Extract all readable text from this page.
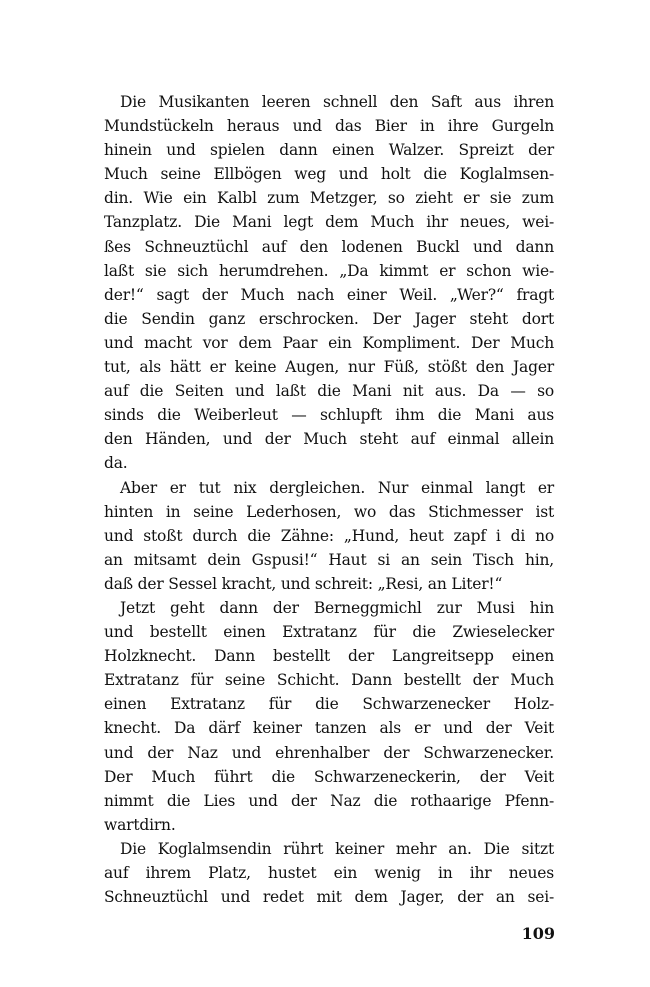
Die Musikanten leeren schnell den Saft aus ihren
Mundstückeln heraus und das Bier in ihre Gurgeln
hinein und spielen dann einen Walzer. Spreizt der
Much seine Ellbögen weg und holt die Koglalmsen-
din. Wie ein Kalbl zum Metzger, so zieht er sie zum
Tanzplatz. Die Mani legt dem Much ihr neues, wei-
ßes Schneuztüchl auf den lodenen Buckl und dann
laßt sie sich herumdrehen. „Da kimmt er schon wie-
der!“ sagt der Much nach einer Weil. „Wer?“ fragt
die Sendin ganz erschrocken. Der Jager steht dort
und macht vor dem Paar ein Kompliment. Der Much
tut, als hätt er keine Augen, nur Füß, stößt den Jager
auf die Seiten und laßt die Mani nit aus. Da — so
sinds die Weiberleut — schlupft ihm die Mani aus
den Händen, und der Much steht auf einmal allein
da.
Aber er tut nix dergleichen. Nur einmal langt er
hinten in seine Lederhosen, wo das Stichmesser ist
und stoßt durch die Zähne: „Hund, heut zapf i di no
an mitsamt dein Gspusi!“ Haut si an sein Tisch hin,
daß der Sessel kracht, und schreit: „Resi, an Liter!“
Jetzt geht dann der Berneggmichl zur Musi hin
und bestellt einen Extratanz für die Zwieselecker
Holzknecht. Dann bestellt der Langreitsepp einen
Extratanz für seine Schicht. Dann bestellt der Much
einen Extratanz für die Schwarzenecker Holz-
knecht. Da därf keiner tanzen als er und der Veit
und der Naz und ehrenhalber der Schwarzenecker.
Der Much führt die Schwarzeneckerin, der Veit
nimmt die Lies und der Naz die rothaarige Pfenn-
wartdirn.
Die Koglalmsendin rührt keiner mehr an. Die sitzt
auf ihrem Platz, hustet ein wenig in ihr neues
Schneuztüchl und redet mit dem Jager, der an sei-
109
